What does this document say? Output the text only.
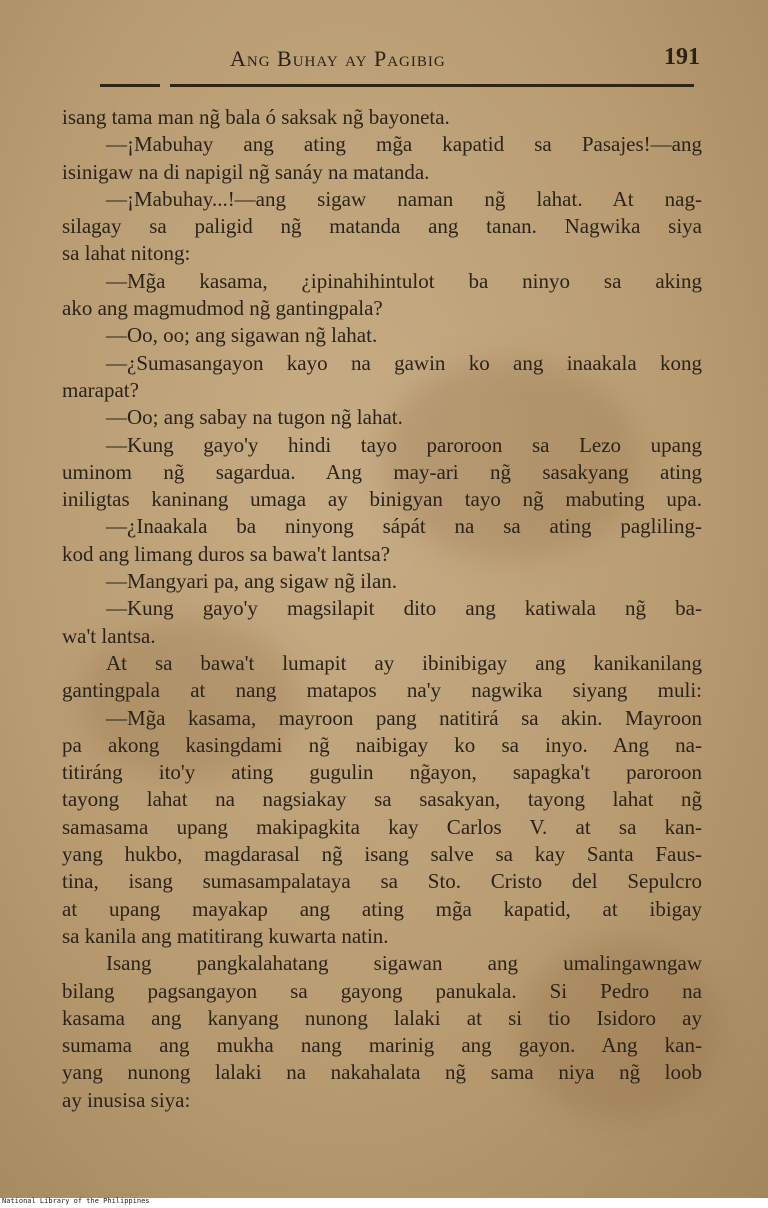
Ang Buhay ay Pagibig	191
isang tama man ng̃ bala ó saksak ng̃ bayoneta.
—¡Mabuhay ang ating mg̃a kapatid sa Pasajes!—ang
isinigaw na di napigil ng̃ sanáy na matanda.
—¡Mabuhay...!—ang sigaw naman ng̃ lahat. At nag-
silagay sa paligid ng̃ matanda ang tanan. Nagwika siya
sa lahat nitong:
—Mg̃a kasama, ¿ipinahihintulot ba ninyo sa aking
ako ang magmudmod ng̃ gantingpala?
—Oo, oo; ang sigawan ng̃ lahat.
—¿Sumasangayon kayo na gawin ko ang inaakala kong
marapat?
—Oo; ang sabay na tugon ng̃ lahat.
—Kung gayo'y hindi tayo paroroon sa Lezo upang
uminom ng̃ sagardua. Ang may-ari ng̃ sasakyang ating
iniligtas kaninang umaga ay binigyan tayo ng̃ mabuting upa.
—¿Inaakala ba ninyong sápát na sa ating pagliling-
kod ang limang duros sa bawa't lantsa?
—Mangyari pa, ang sigaw ng̃ ilan.
—Kung gayo'y magsilapit dito ang katiwala ng̃ ba-
wa't lantsa.
At sa bawa't lumapit ay ibinibigay ang kanikanilang
gantingpala at nang matapos na'y nagwika siyang muli:
—Mg̃a kasama, mayroon pang natitirá sa akin. Mayroon
pa akong kasingdami ng̃ naibigay ko sa inyo. Ang na-
titiráng ito'y ating gugulin ng̃ayon, sapagka't paroroon
tayong lahat na nagsiakay sa sasakyan, tayong lahat ng̃
samasama upang makipagkita kay Carlos V. at sa kan-
yang hukbo, magdarasal ng̃ isang salve sa kay Santa Faus-
tina, isang sumasampalataya sa Sto. Cristo del Sepulcro
at upang mayakap ang ating mg̃a kapatid, at ibigay
sa kanila ang matitirang kuwarta natin.
Isang pangkalahatang sigawan ang umalingawngaw
bilang pagsangayon sa gayong panukala. Si Pedro na
kasama ang kanyang nunong lalaki at si tio Isidoro ay
sumama ang mukha nang marinig ang gayon. Ang kan-
yang nunong lalaki na nakahalata ng̃ sama niya ng̃ loob
ay inusisa siya:
National Library of the Philippines
